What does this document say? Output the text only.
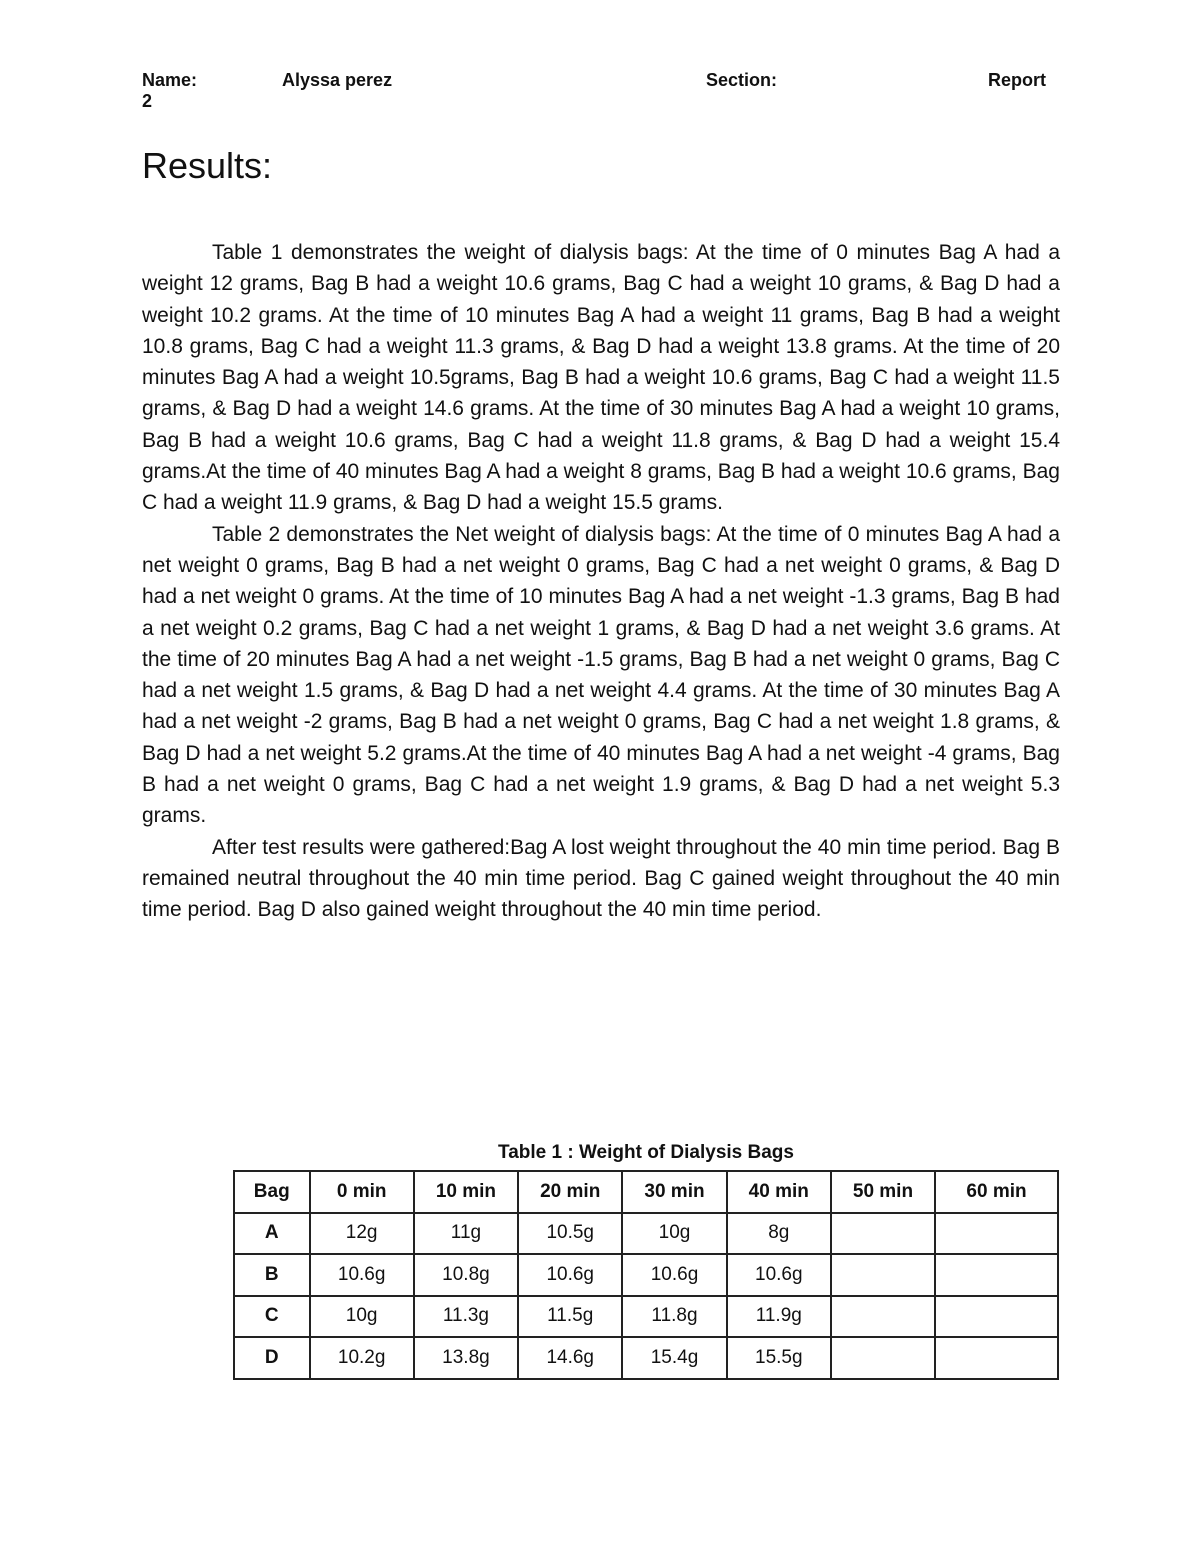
Name:	Alyssa perez	Section:	Report
2
Results:

Table 1 demonstrates the weight of dialysis bags: At the time of 0 minutes Bag A had a weight 12 grams, Bag B had a weight 10.6 grams, Bag C had a weight 10 grams, & Bag D had a weight 10.2 grams. At the time of 10 minutes Bag A had a weight 11 grams, Bag B had a weight 10.8 grams, Bag C had a weight 11.3 grams, & Bag D had a weight 13.8 grams. At the time of 20 minutes Bag A had a weight 10.5grams, Bag B had a weight 10.6 grams, Bag C had a weight 11.5 grams, & Bag D had a weight 14.6 grams. At the time of 30 minutes Bag A had a weight 10 grams, Bag B had a weight 10.6 grams, Bag C had a weight 11.8 grams, & Bag D had a weight 15.4 grams.At the time of 40 minutes Bag A had a weight 8 grams, Bag B had a weight 10.6 grams, Bag C had a weight 11.9 grams, & Bag D had a weight 15.5 grams.

Table 2 demonstrates the Net weight of dialysis bags: At the time of 0 minutes Bag A had a net weight 0 grams, Bag B had a net weight 0 grams, Bag C had a net weight 0 grams, & Bag D had a net weight 0 grams. At the time of 10 minutes Bag A had a net weight -1.3 grams, Bag B had a net weight 0.2 grams, Bag C had a net weight 1 grams, & Bag D had a net weight 3.6 grams. At the time of 20 minutes Bag A had a net weight -1.5 grams, Bag B had a net weight 0 grams, Bag C had a net weight 1.5 grams, & Bag D had a net weight 4.4 grams. At the time of 30 minutes Bag A had a net weight -2 grams, Bag B had a net weight 0 grams, Bag C had a net weight 1.8 grams, & Bag D had a net weight 5.2 grams.At the time of 40 minutes Bag A had a net weight -4 grams, Bag B had a net weight 0 grams, Bag C had a net weight 1.9 grams, & Bag D had a net weight 5.3 grams.

After test results were gathered:Bag A lost weight throughout the 40 min time period. Bag B remained neutral throughout the 40 min time period. Bag C gained weight throughout the 40 min time period. Bag D also gained weight throughout the 40 min time period.

Table 1 : Weight of Dialysis Bags
Bag	0 min	10 min	20 min	30 min	40 min	50 min	60 min
A	12g	11g	10.5g	10g	8g		
B	10.6g	10.8g	10.6g	10.6g	10.6g		
C	10g	11.3g	11.5g	11.8g	11.9g		
D	10.2g	13.8g	14.6g	15.4g	15.5g		
